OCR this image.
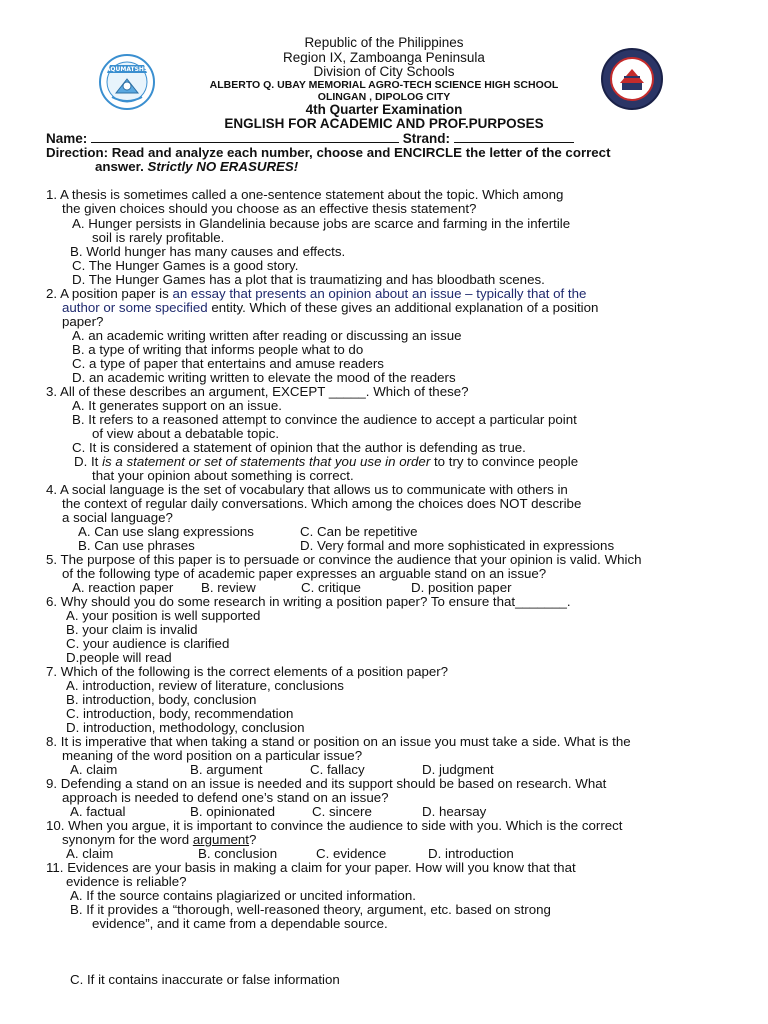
AQUMATSHS
Republic of the Philippines
Region IX, Zamboanga Peninsula
Division of City Schools
ALBERTO Q. UBAY MEMORIAL AGRO-TECH SCIENCE HIGH SCHOOL
OLINGAN , DIPOLOG CITY
4th Quarter Examination
ENGLISH FOR ACADEMIC AND PROF.PURPOSES
Name:	Strand:
Direction: Read and analyze each number, choose and ENCIRCLE the letter of the correct
answer. Strictly NO ERASURES!
1. A thesis is sometimes called a one-sentence statement about the topic. Which among
the given choices should you choose as an effective thesis statement?
A. Hunger persists in Glandelinia because jobs are scarce and farming in the infertile
soil is rarely profitable.
B. World hunger has many causes and effects.
C. The Hunger Games is a good story.
D. The Hunger Games has a plot that is traumatizing and has bloodbath scenes.
2. A position paper is an essay that presents an opinion about an issue – typically that of the
author or some specified entity. Which of these gives an additional explanation of a position
paper?
A. an academic writing written after reading or discussing an issue
B. a type of writing that informs people what to do
C. a type of paper that entertains and amuse readers
D. an academic writing written to elevate the mood of the readers
3. All of these describes an argument, EXCEPT _____. Which of these?
A. It generates support on an issue.
B. It refers to a reasoned attempt to convince the audience to accept a particular point
of view about a debatable topic.
C. It is considered a statement of opinion that the author is defending as true.
D. It is a statement or set of statements that you use in order to try to convince people
that your opinion about something is correct.
4. A social language is the set of vocabulary that allows us to communicate with others in
the context of regular daily conversations. Which among the choices does NOT describe
a social language?
A. Can use slang expressions	C. Can be repetitive
B. Can use phrases	D. Very formal and more sophisticated in expressions
5. The purpose of this paper is to persuade or convince the audience that your opinion is valid. Which
of the following type of academic paper expresses an arguable stand on an issue?
A. reaction paper B. review	C. critique	D. position paper
6. Why should you do some research in writing a position paper? To ensure that_______.
A. your position is well supported
B. your claim is invalid
C. your audience is clarified
D.people will read
7. Which of the following is the correct elements of a position paper?
A. introduction, review of literature, conclusions
B. introduction, body, conclusion
C. introduction, body, recommendation
D. introduction, methodology, conclusion
8. It is imperative that when taking a stand or position on an issue you must take a side. What is the
meaning of the word position on a particular issue?
A. claim	B. argument	C. fallacy	D. judgment
9. Defending a stand on an issue is needed and its support should be based on research. What
approach is needed to defend one’s stand on an issue?
A. factual	B. opinionated	C. sincere	D. hearsay
10. When you argue, it is important to convince the audience to side with you. Which is the correct
synonym for the word argument?
A. claim	B. conclusion	C. evidence	D. introduction
11. Evidences are your basis in making a claim for your paper. How will you know that that
evidence is reliable?
A. If the source contains plagiarized or uncited information.
B. If it provides a “thorough, well-reasoned theory, argument, etc. based on strong
evidence”, and it came from a dependable source.
C. If it contains inaccurate or false information
